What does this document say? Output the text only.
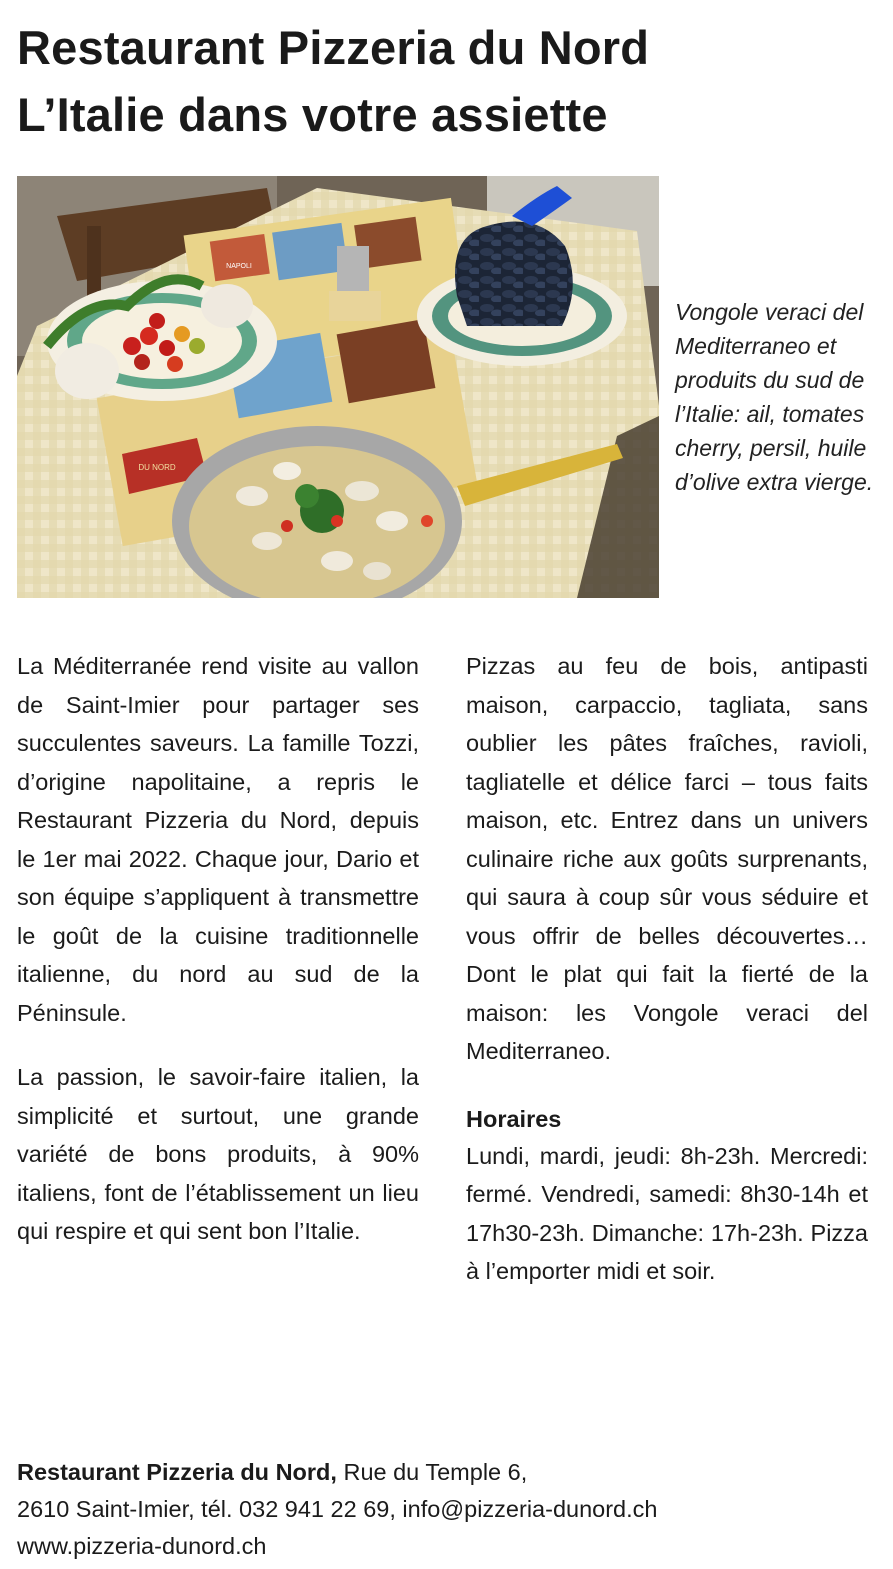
Restaurant Pizzeria du Nord
L’Italie dans votre assiette
DU NORD
NAPOLI
Vongole veraci del Mediterraneo et produits du sud de l’Italie: ail, tomates cherry, persil, huile d’olive extra vierge.

La Méditerranée rend visite au vallon de Saint-Imier pour partager ses succulentes saveurs. La famille Tozzi, d’origine napolitaine, a repris le Restaurant Pizzeria du Nord, depuis le 1er mai 2022. Chaque jour, Dario et son équipe s’appliquent à transmettre le goût de la cuisine traditionnelle italienne, du nord au sud de la Péninsule.

La passion, le savoir-faire italien, la simplicité et surtout, une grande variété de bons produits, à 90% italiens, font de l’établissement un lieu qui respire et qui sent bon l’Italie.

Pizzas au feu de bois, antipasti maison, carpaccio, tagliata, sans oublier les pâtes fraîches, ravioli, tagliatelle et délice farci – tous faits maison, etc. Entrez dans un univers culinaire riche aux goûts surprenants, qui saura à coup sûr vous séduire et vous offrir de belles découvertes… Dont le plat qui fait la fierté de la maison: les Vongole veraci del Mediterraneo.

Horaires

Lundi, mardi, jeudi: 8h-23h. Mercredi: fermé. Vendredi, samedi: 8h30-14h et 17h30-23h. Dimanche: 17h-23h. Pizza à l’emporter midi et soir.

Restaurant Pizzeria du Nord, Rue du Temple 6,
2610 Saint-Imier, tél. 032 941 22 69, info@pizzeria-dunord.ch
www.pizzeria-dunord.ch
